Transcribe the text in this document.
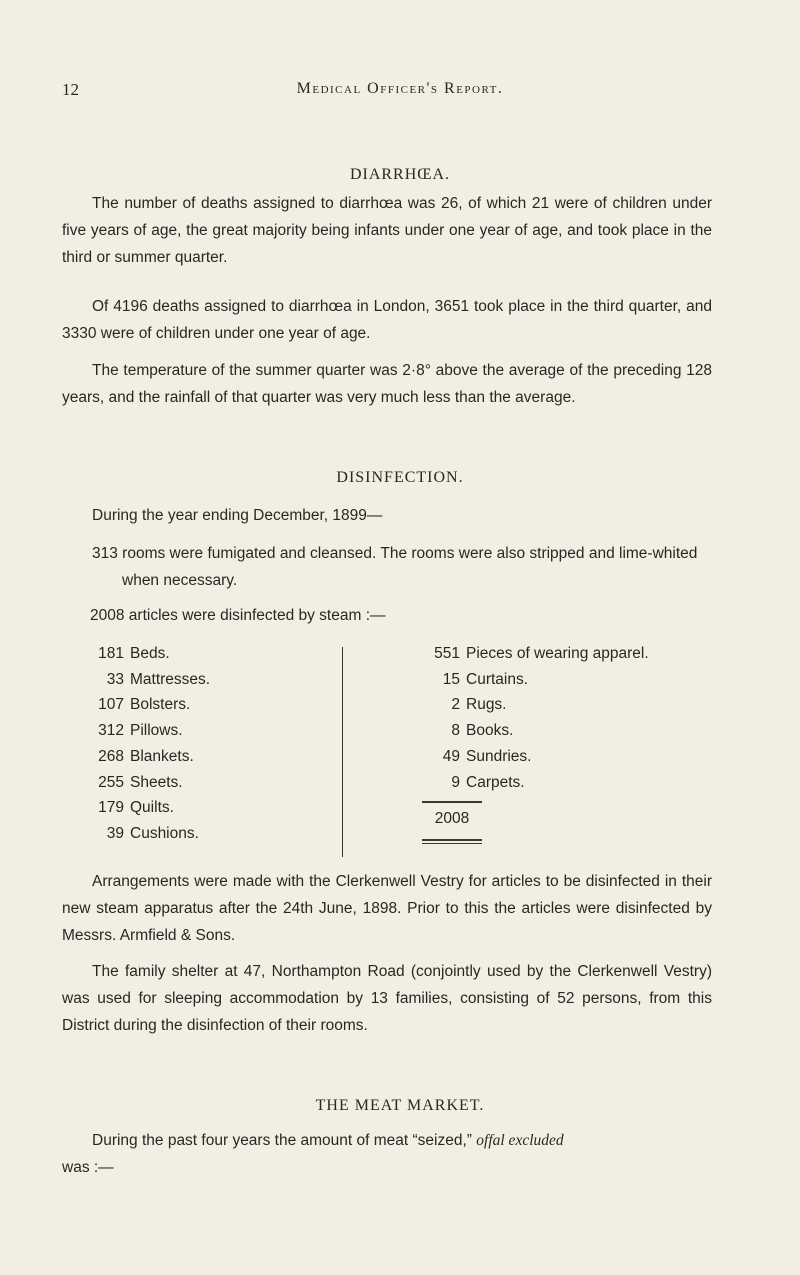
12	Medical Officer's Report.
DIARRHŒA.
The number of deaths assigned to diarrhœa was 26, of which 21 were of children under five years of age, the great majority being infants under one year of age, and took place in the third or summer quarter.
Of 4196 deaths assigned to diarrhœa in London, 3651 took place in the third quarter, and 3330 were of children under one year of age.
The temperature of the summer quarter was 2·8° above the average of the preceding 128 years, and the rainfall of that quarter was very much less than the average.
DISINFECTION.
During the year ending December, 1899—
313 rooms were fumigated and cleansed. The rooms were also stripped and lime-whited when necessary.
2008 articles were disinfected by steam :—
181 Beds.
33 Mattresses.
107 Bolsters.
312 Pillows.
268 Blankets.
255 Sheets.
179 Quilts.
39 Cushions.
551 Pieces of wearing apparel.
15 Curtains.
2 Rugs.
8 Books.
49 Sundries.
9 Carpets.
2008
Arrangements were made with the Clerkenwell Vestry for articles to be disinfected in their new steam apparatus after the 24th June, 1898. Prior to this the articles were disinfected by Messrs. Armfield & Sons.
The family shelter at 47, Northampton Road (conjointly used by the Clerkenwell Vestry) was used for sleeping accommodation by 13 families, consisting of 52 persons, from this District during the disinfection of their rooms.
THE MEAT MARKET.
During the past four years the amount of meat “seized,” offal excluded
was :—
